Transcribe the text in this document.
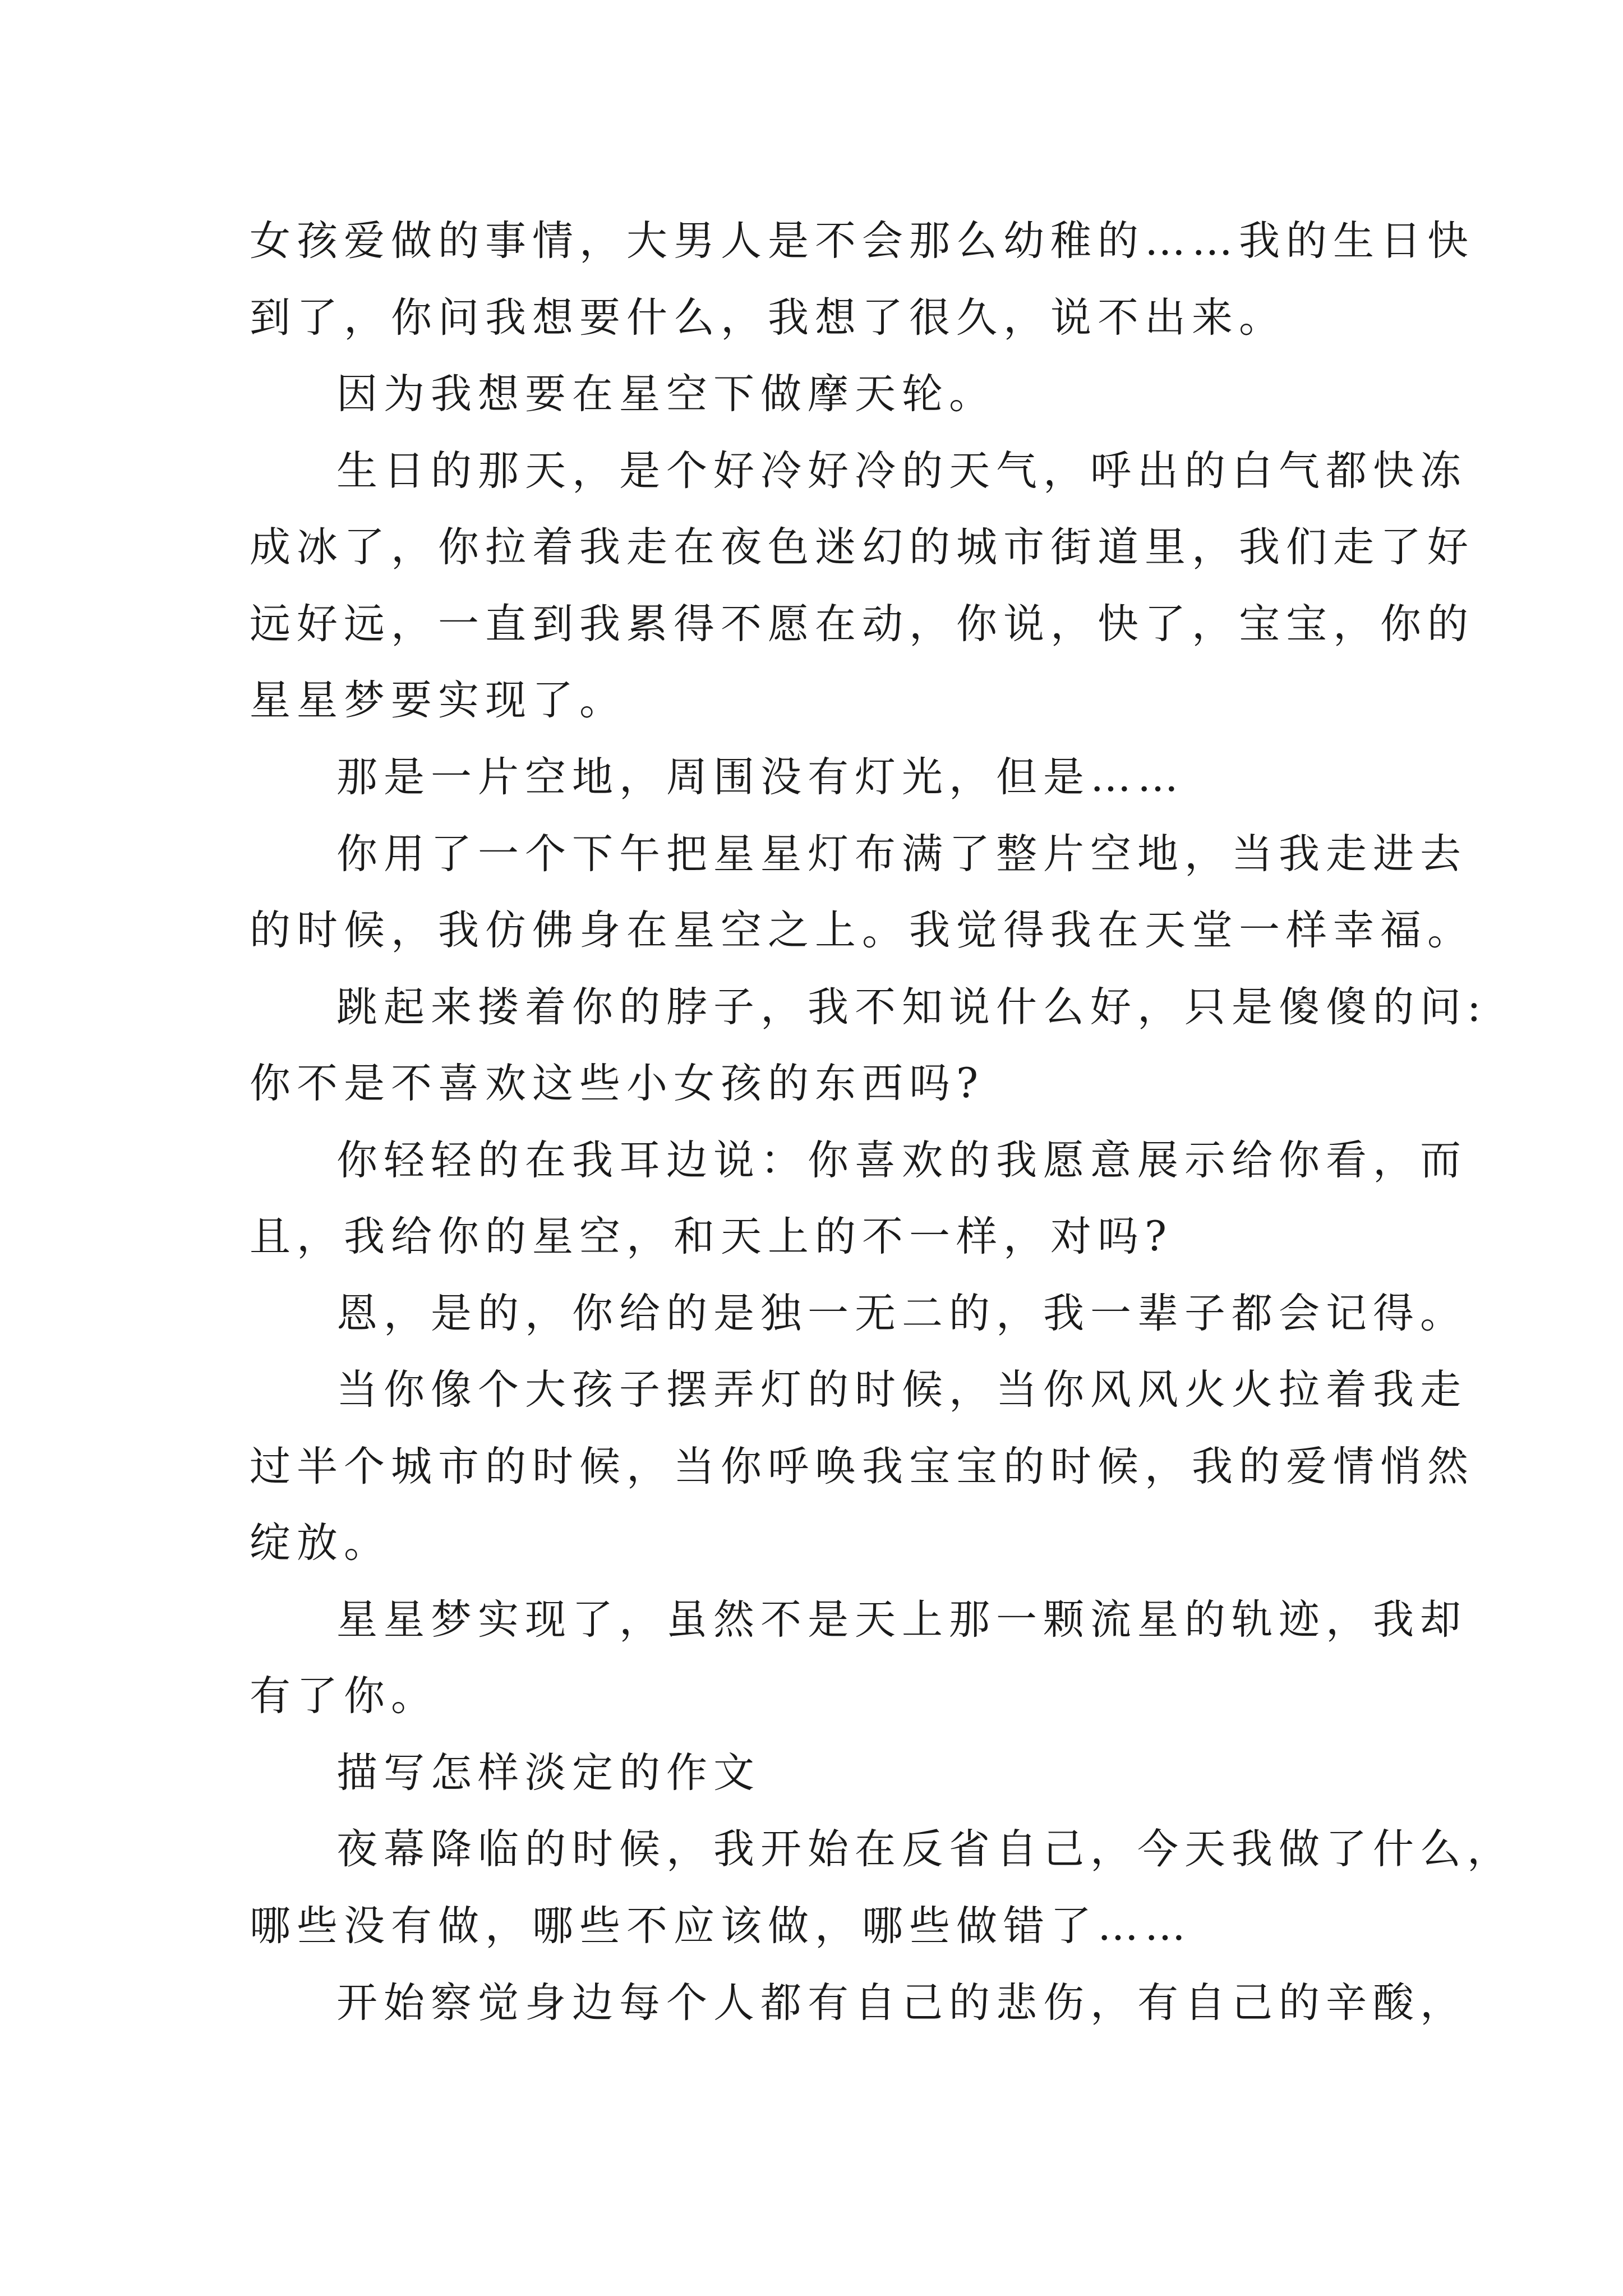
女孩爱做的事情，大男人是不会那么幼稚的……我的生日快

到了，你问我想要什么，我想了很久，说不出来。

因为我想要在星空下做摩天轮。

生日的那天，是个好冷好冷的天气，呼出的白气都快冻

成冰了，你拉着我走在夜色迷幻的城市街道里，我们走了好

远好远，一直到我累得不愿在动，你说，快了，宝宝，你的

星星梦要实现了。

那是一片空地，周围没有灯光，但是……

你用了一个下午把星星灯布满了整片空地，当我走进去

的时候，我仿佛身在星空之上。我觉得我在天堂一样幸福。

跳起来搂着你的脖子，我不知说什么好，只是傻傻的问:

你不是不喜欢这些小女孩的东西吗?

你轻轻的在我耳边说：你喜欢的我愿意展示给你看，而

且，我给你的星空，和天上的不一样，对吗?

恩，是的，你给的是独一无二的，我一辈子都会记得。

当你像个大孩子摆弄灯的时候，当你风风火火拉着我走

过半个城市的时候，当你呼唤我宝宝的时候，我的爱情悄然

绽放。

星星梦实现了，虽然不是天上那一颗流星的轨迹，我却

有了你。

描写怎样淡定的作文

夜幕降临的时候，我开始在反省自己，今天我做了什么，

哪些没有做，哪些不应该做，哪些做错了……

开始察觉身边每个人都有自己的悲伤，有自己的辛酸，
